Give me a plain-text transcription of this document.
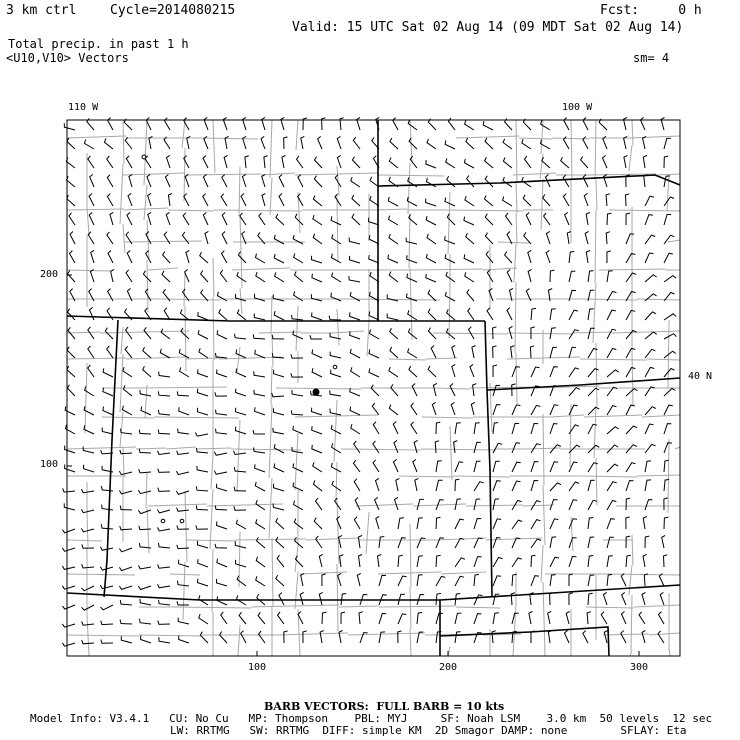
3 km ctrl	Cycle=2014080215	Fcst:     0 h
Valid: 15 UTC Sat 02 Aug 14 (09 MDT Sat 02 Aug 14)
Total precip. in past 1 h
<U10,V10> Vectors	sm= 4
110 W	100 W
40 N
200
100
100	200	300
BARB VECTORS:  FULL BARB = 10 kts
Model Info: V3.4.1   CU: No Cu   MP: Thompson    PBL: MYJ     SF: Noah LSM    3.0 km  50 levels  12 sec
LW: RRTMG   SW: RRTMG  DIFF: simple KM  2D Smagor DAMP: none        SFLAY: Eta
